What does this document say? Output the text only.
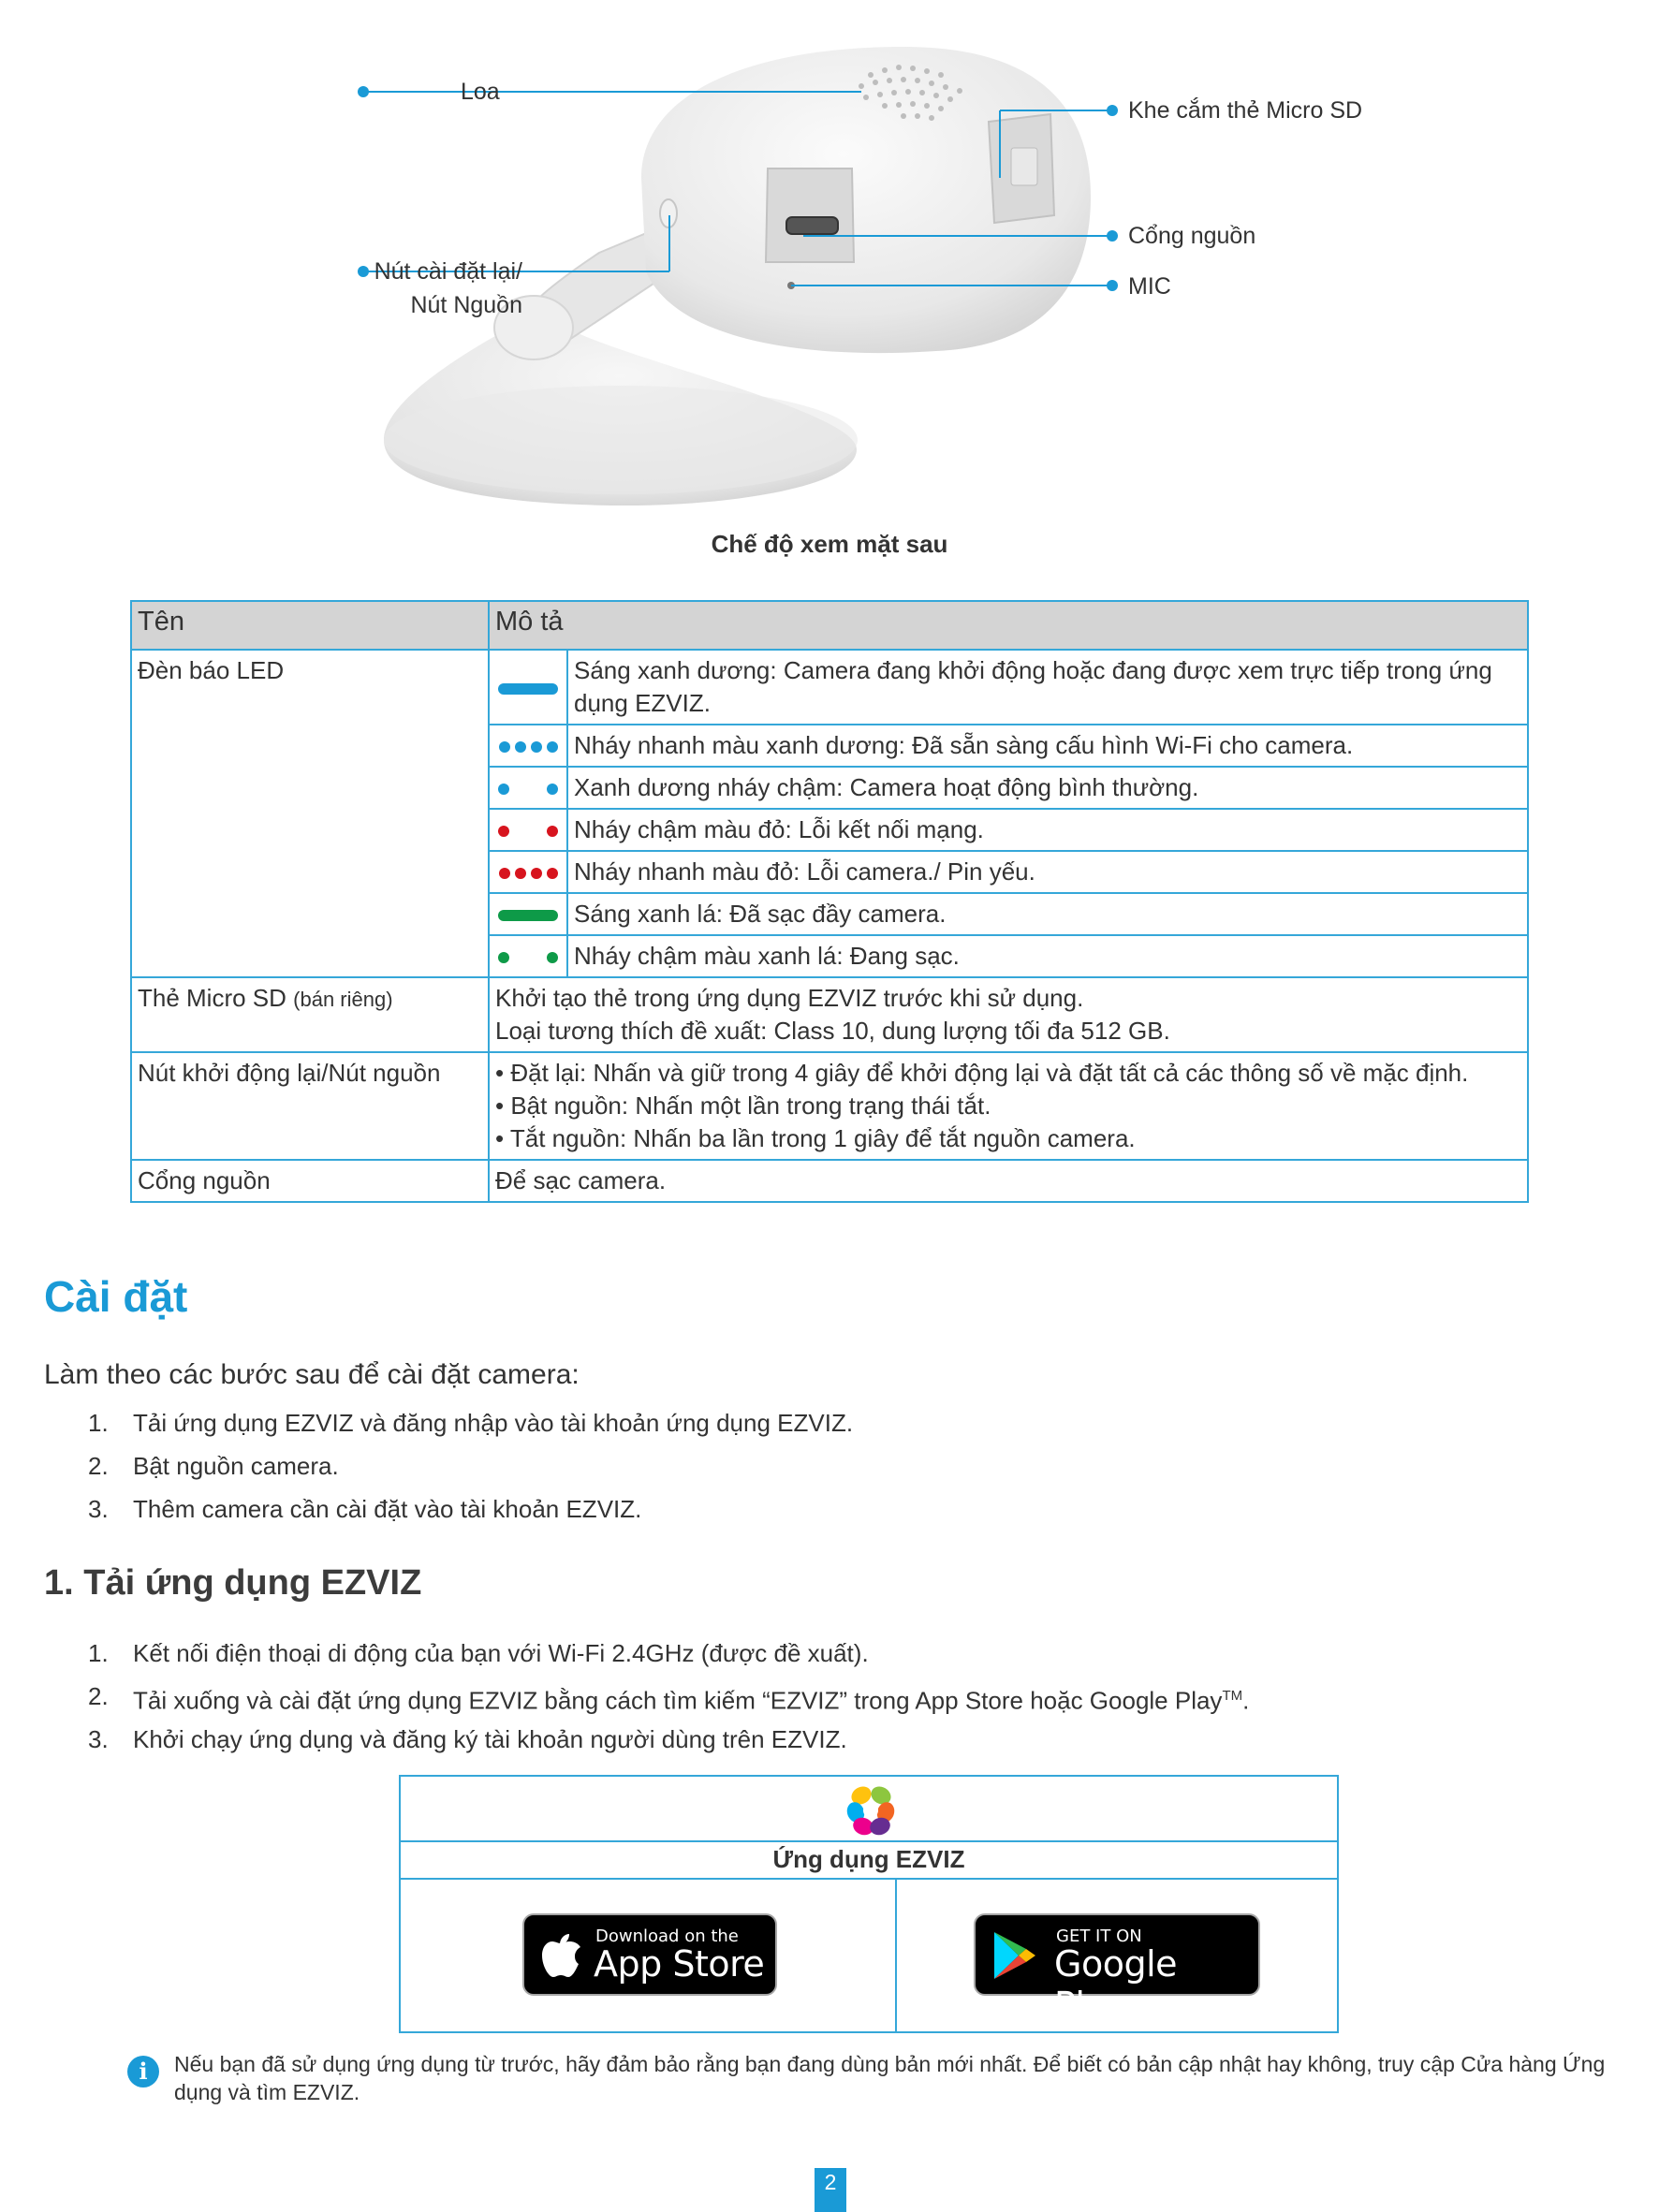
Loa
Nút cài đặt lại/
Nút Nguồn
Khe cắm thẻ Micro SD
Cổng nguồn
MIC
Chế độ xem mặt sau
Tên	Mô tả	
Đèn báo LED		Sáng xanh dương: Camera đang khởi động hoặc đang được xem trực tiếp trong ứng
dụng EZVIZ.

		Nháy nhanh màu xanh dương: Đã sẵn sàng cấu hình Wi-Fi cho camera.

		Xanh dương nháy chậm: Camera hoạt động bình thường.

		Nháy chậm màu đỏ: Lỗi kết nối mạng.

		Nháy nhanh màu đỏ: Lỗi camera./ Pin yếu.
		Sáng xanh lá: Đã sạc đầy camera.

		Nháy chậm màu xanh lá: Đang sạc.
Thẻ Micro SD (bán riêng)	Khởi tạo thẻ trong ứng dụng EZVIZ trước khi sử dụng.
Loại tương thích đề xuất: Class 10, dung lượng tối đa 512 GB.	

Nút khởi động lại/Nút nguồn	• Đặt lại: Nhấn và giữ trong 4 giây để khởi động lại và đặt tất cả các thông số về mặc định.
• Bật nguồn: Nhấn một lần trong trạng thái tắt.
• Tắt nguồn: Nhấn ba lần trong 1 giây để tắt nguồn camera.	

Cổng nguồn	Để sạc camera.	
Cài đặt
Làm theo các bước sau để cài đặt camera:
1. Tải ứng dụng EZVIZ và đăng nhập vào tài khoản ứng dụng EZVIZ.
2. Bật nguồn camera.
3. Thêm camera cần cài đặt vào tài khoản EZVIZ.
1. Tải ứng dụng EZVIZ
1. Kết nối điện thoại di động của bạn với Wi-Fi 2.4GHz (được đề xuất).
2. Tải xuống và cài đặt ứng dụng EZVIZ bằng cách tìm kiếm “EZVIZ” trong App Store hoặc Google Play™.
3. Khởi chạy ứng dụng và đăng ký tài khoản người dùng trên EZVIZ.
Ứng dụng EZVIZ
Download on the
App Store
GET IT ON
Google Play
i	Nếu bạn đã sử dụng ứng dụng từ trước, hãy đảm bảo rằng bạn đang dùng bản mới nhất. Để biết có bản cập nhật hay không, truy cập Cửa hàng Ứng dụng và tìm EZVIZ.
2
